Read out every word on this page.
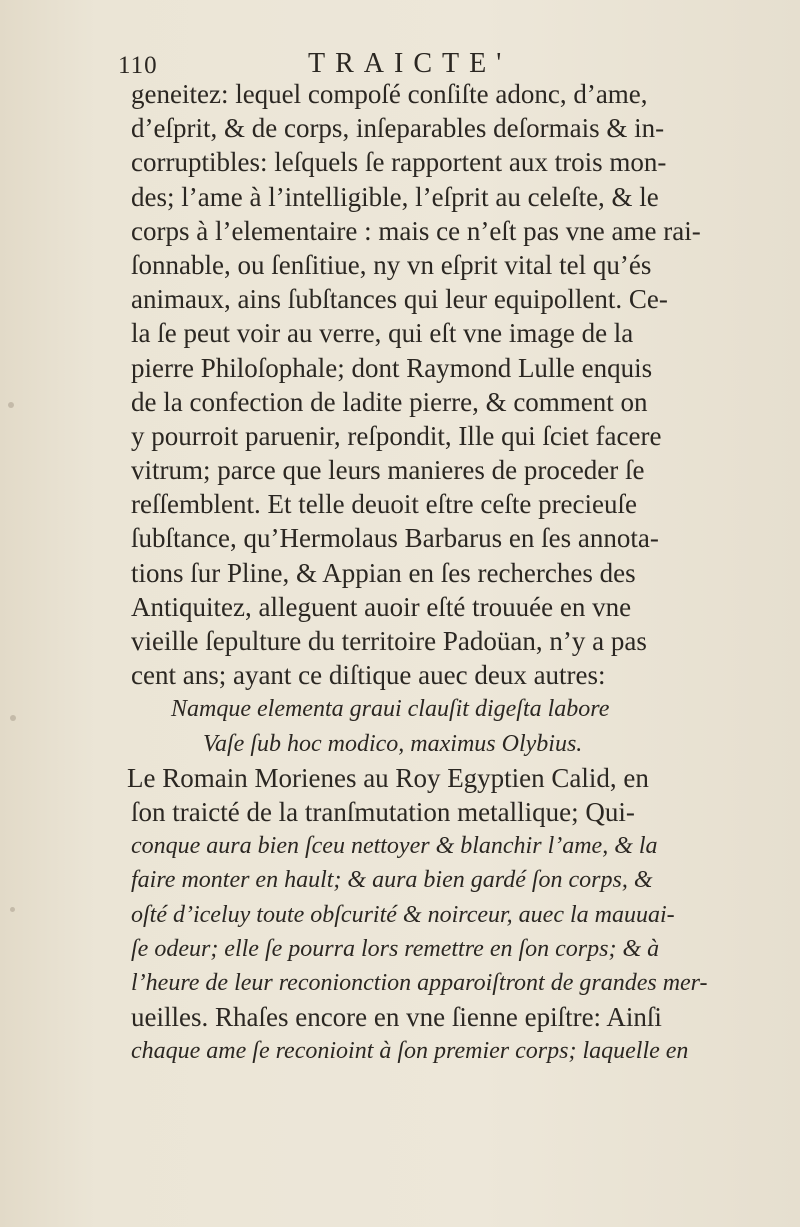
110	TRAICTE'
geneitez: lequel compoſé conſiſte adonc, d’ame,
d’eſprit, & de corps, inſeparables deſormais & in-
corruptibles: leſquels ſe rapportent aux trois mon-
des; l’ame à l’intelligible, l’eſprit au celeſte, & le
corps à l’elementaire : mais ce n’eſt pas vne ame rai-
ſonnable, ou ſenſitiue, ny vn eſprit vital tel qu’és
animaux, ains ſubſtances qui leur equipollent. Ce-
la ſe peut voir au verre, qui eſt vne image de la
pierre Philoſophale; dont Raymond Lulle enquis
de la confection de ladite pierre, & comment on
y pourroit paruenir, reſpondit, Ille qui ſciet facere
vitrum; parce que leurs manieres de proceder ſe
reſſemblent. Et telle deuoit eſtre ceſte precieuſe
ſubſtance, qu’Hermolaus Barbarus en ſes annota-
tions ſur Pline, & Appian en ſes recherches des
Antiquitez, alleguent auoir eſté trouuée en vne
vieille ſepulture du territoire Padoüan, n’y a pas
cent ans; ayant ce diſtique auec deux autres:
Namque elementa graui clauſit digeſta labore
Vaſe ſub hoc modico, maximus Olybius.
Le Romain Morienes au Roy Egyptien Calid, en
ſon traicté de la tranſmutation metallique; Qui-
conque aura bien ſceu nettoyer & blanchir l’ame, & la
faire monter en hault; & aura bien gardé ſon corps, &
oſté d’iceluy toute obſcurité & noirceur, auec la mauuai-
ſe odeur; elle ſe pourra lors remettre en ſon corps; & à
l’heure de leur reconionction apparoiſtront de grandes mer-
ueilles. Rhaſes encore en vne ſienne epiſtre: Ainſi
chaque ame ſe reconioint à ſon premier corps; laquelle en
